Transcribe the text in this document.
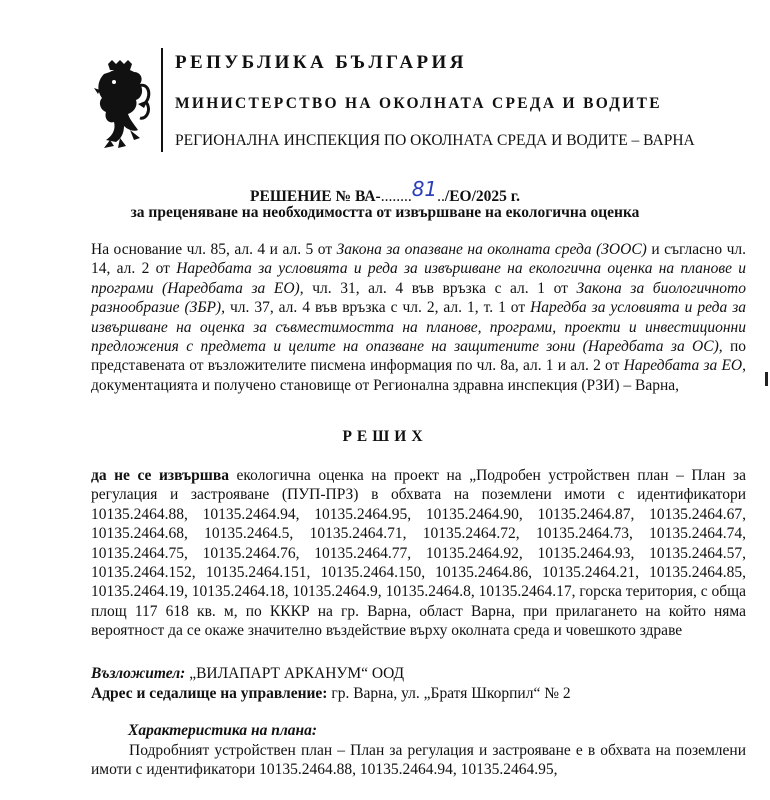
РЕПУБЛИКА БЪЛГАРИЯ
МИНИСТЕРСТВО НА ОКОЛНАТА СРЕДА И ВОДИТЕ
РЕГИОНАЛНА ИНСПЕКЦИЯ ПО ОКОЛНАТА СРЕДА И ВОДИТЕ – ВАРНА
РЕШЕНИЕ № ВА-........81../ЕО/2025 г.
за преценяване на необходимостта от извършване на екологична оценка
На основание чл. 85, ал. 4 и ал. 5 от Закона за опазване на околната среда (ЗООС) и съгласно чл. 14, ал. 2 от Наредбата за условията и реда за извършване на екологична оценка на планове и програми (Наредбата за ЕО), чл. 31, ал. 4 във връзка с ал. 1 от Закона за биологичното разнообразие (ЗБР), чл. 37, ал. 4 във връзка с чл. 2, ал. 1, т. 1 от Наредба за условията и реда за извършване на оценка за съвместимостта на планове, програми, проекти и инвестиционни предложения с предмета и целите на опазване на защитените зони (Наредбата за ОС), по представената от възложителите писмена информация по чл. 8а, ал. 1 и ал. 2 от Наредбата за ЕО, документацията и получено становище от Регионална здравна инспекция (РЗИ) – Варна,
РЕШИХ
да не се извършва екологична оценка на проект на „Подробен устройствен план – План за регулация и застрояване (ПУП-ПРЗ) в обхвата на поземлени имоти с идентификатори 10135.2464.88, 10135.2464.94, 10135.2464.95, 10135.2464.90, 10135.2464.87, 10135.2464.67, 10135.2464.68, 10135.2464.5, 10135.2464.71, 10135.2464.72, 10135.2464.73, 10135.2464.74, 10135.2464.75, 10135.2464.76, 10135.2464.77, 10135.2464.92, 10135.2464.93, 10135.2464.57, 10135.2464.152, 10135.2464.151, 10135.2464.150, 10135.2464.86, 10135.2464.21, 10135.2464.85, 10135.2464.19, 10135.2464.18, 10135.2464.9, 10135.2464.8, 10135.2464.17, горска територия, с обща площ 117 618 кв. м, по КККР на гр. Варна, област Варна, при прилагането на който няма вероятност да се окаже значително въздействие върху околната среда и човешкото здраве
Възложител: „ВИЛАПАРТ АРКАНУМ“ ООД
Адрес и седалище на управление: гр. Варна, ул. „Братя Шкорпил“ № 2
Характеристика на плана:
Подробният устройствен план – План за регулация и застрояване е в обхвата на поземлени имоти с идентификатори 10135.2464.88, 10135.2464.94, 10135.2464.95,
